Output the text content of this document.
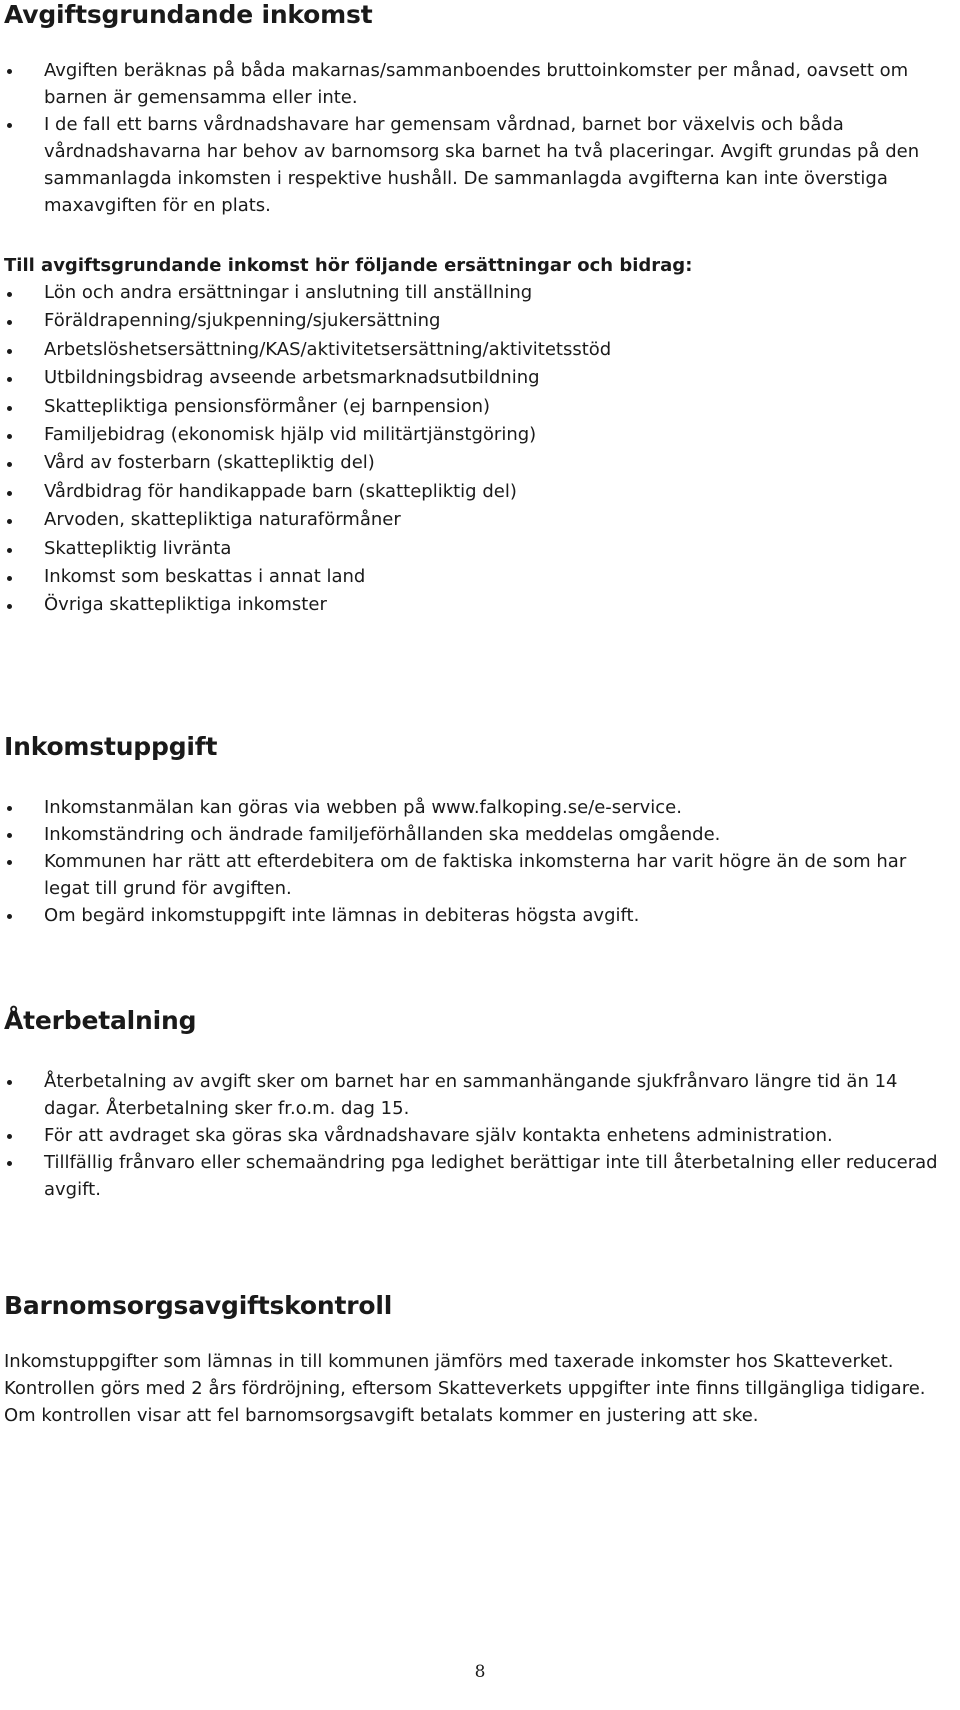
Avgiftsgrundande inkomst
Avgiften beräknas på båda makarnas/sammanboendes bruttoinkomster per månad, oavsett om barnen är gemensamma eller inte.
I de fall ett barns vårdnadshavare har gemensam vårdnad, barnet bor växelvis och båda vårdnadshavarna har behov av barnomsorg ska barnet ha två placeringar. Avgift grundas på den sammanlagda inkomsten i respektive hushåll. De sammanlagda avgifterna kan inte överstiga maxavgiften för en plats.
Till avgiftsgrundande inkomst hör följande ersättningar och bidrag:
Lön och andra ersättningar i anslutning till anställning
Föräldrapenning/sjukpenning/sjukersättning
Arbetslöshetsersättning/KAS/aktivitetsersättning/aktivitetsstöd
Utbildningsbidrag avseende arbetsmarknadsutbildning
Skattepliktiga pensionsförmåner (ej barnpension)
Familjebidrag (ekonomisk hjälp vid militärtjänstgöring)
Vård av fosterbarn (skattepliktig del)
Vårdbidrag för handikappade barn (skattepliktig del)
Arvoden, skattepliktiga naturaförmåner
Skattepliktig livränta
Inkomst som beskattas i annat land
Övriga skattepliktiga inkomster
Inkomstuppgift
Inkomstanmälan kan göras via webben på www.falkoping.se/e-service.
Inkomständring och ändrade familjeförhållanden ska meddelas omgående.
Kommunen har rätt att efterdebitera om de faktiska inkomsterna har varit högre än de som har legat till grund för avgiften.
Om begärd inkomstuppgift inte lämnas in debiteras högsta avgift.
Återbetalning
Återbetalning av avgift sker om barnet har en sammanhängande sjukfrånvaro längre tid än 14 dagar. Återbetalning sker fr.o.m. dag 15.
För att avdraget ska göras ska vårdnadshavare själv kontakta enhetens administration.
Tillfällig frånvaro eller schemaändring pga ledighet berättigar inte till återbetalning eller reducerad avgift.
Barnomsorgsavgiftskontroll

Inkomstuppgifter som lämnas in till kommunen jämförs med taxerade inkomster hos Skatteverket. Kontrollen görs med 2 års fördröjning, eftersom Skatteverkets uppgifter inte finns tillgängliga tidigare. Om kontrollen visar att fel barnomsorgsavgift betalats kommer en justering att ske.

8
